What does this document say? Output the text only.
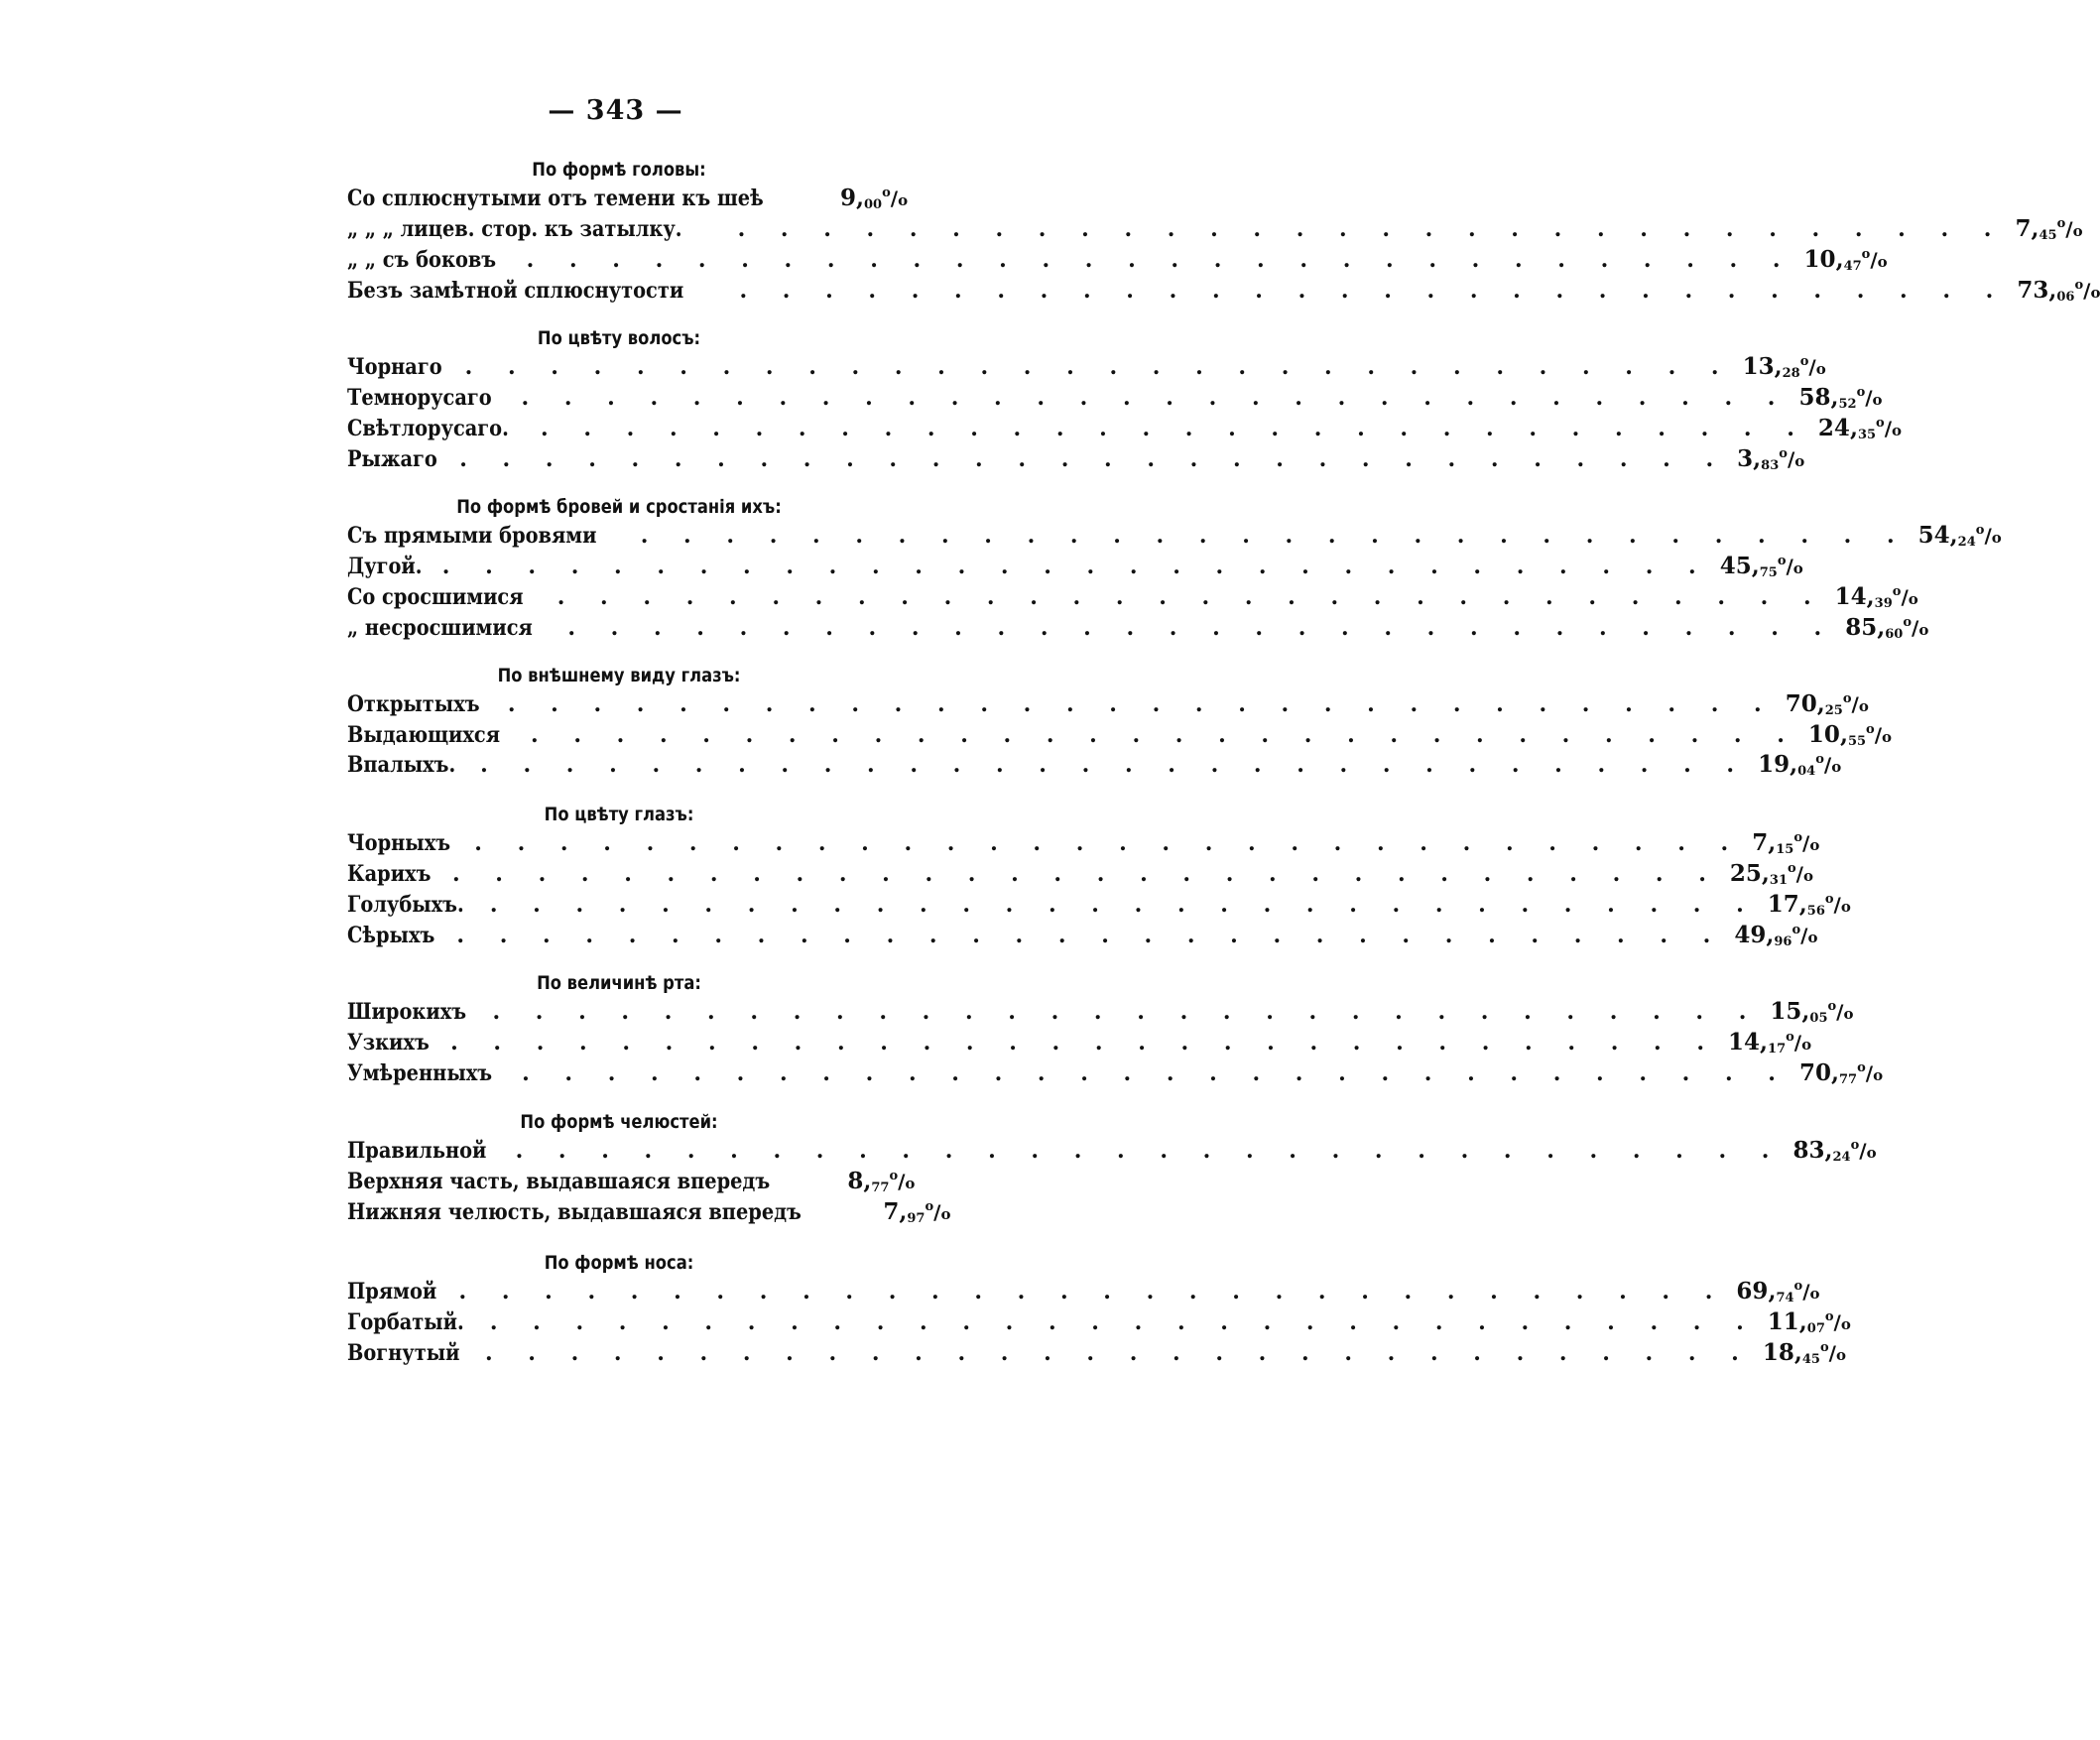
— 343 —
По формѣ головы:
Со сплюснутыми отъ темени къ шеѣ	$9,_{00}^o/o$
„ „ „ лицев. стор. къ затылку.	. . . . . . . . . . . . . . . . . . . . . . . . . . . . . . $7,_{45}^o/o$
„ „ съ боковъ . . . . . . . . . . . . . . . . . . . . . . . . . . . . . . $10,_{47}^o/o$
Безъ замѣтной сплюснутости	. . . . . . . . . . . . . . . . . . . . . . . . . . . . . . $73,_{06}^o/o$
По цвѣту волосъ:
Чорнаго . . . . . . . . . . . . . . . . . . . . . . . . . . . . . . $13,_{28}^o/o$
Темнорусаго . . . . . . . . . . . . . . . . . . . . . . . . . . . . . . $58,_{52}^o/o$
Свѣтлорусаго. . . . . . . . . . . . . . . . . . . . . . . . . . . . . . . $24,_{35}^o/o$
Рыжаго . . . . . . . . . . . . . . . . . . . . . . . . . . . . . . $3,_{83}^o/o$
По формѣ бровей и сростанія ихъ:
Съ прямыми бровями . . . . . . . . . . . . . . . . . . . . . . . . . . . . . . $54,_{24}^o/o$
Дугой. . . . . . . . . . . . . . . . . . . . . . . . . . . . . . . $45,_{75}^o/o$
Со сросшимися . . . . . . . . . . . . . . . . . . . . . . . . . . . . . . $14,_{39}^o/o$
„ несросшимися . . . . . . . . . . . . . . . . . . . . . . . . . . . . . . $85,_{60}^o/o$
По внѣшнему виду глазъ:
Открытыхъ . . . . . . . . . . . . . . . . . . . . . . . . . . . . . . $70,_{25}^o/o$
Выдающихся . . . . . . . . . . . . . . . . . . . . . . . . . . . . . . $10,_{55}^o/o$
Впалыхъ. . . . . . . . . . . . . . . . . . . . . . . . . . . . . . . $19,_{04}^o/o$
По цвѣту глазъ:
Чорныхъ . . . . . . . . . . . . . . . . . . . . . . . . . . . . . . $7,_{15}^o/o$
Карихъ . . . . . . . . . . . . . . . . . . . . . . . . . . . . . . $25,_{31}^o/o$
Голубыхъ. . . . . . . . . . . . . . . . . . . . . . . . . . . . . . . $17,_{56}^o/o$
Сѣрыхъ . . . . . . . . . . . . . . . . . . . . . . . . . . . . . . $49,_{96}^o/o$
По величинѣ рта:
Широкихъ . . . . . . . . . . . . . . . . . . . . . . . . . . . . . . $15,_{05}^o/o$
Узкихъ . . . . . . . . . . . . . . . . . . . . . . . . . . . . . . $14,_{17}^o/o$
Умѣренныхъ . . . . . . . . . . . . . . . . . . . . . . . . . . . . . . $70,_{77}^o/o$
По формѣ челюстей:
Правильной . . . . . . . . . . . . . . . . . . . . . . . . . . . . . . $83,_{24}^o/o$
Верхняя часть, выдавшаяся впередъ	$8,_{77}^o/o$
Нижняя челюсть, выдавшаяся впередъ	$7,_{97}^o/o$
По формѣ носа:
Прямой . . . . . . . . . . . . . . . . . . . . . . . . . . . . . . $69,_{74}^o/o$
Горбатый. . . . . . . . . . . . . . . . . . . . . . . . . . . . . . . $11,_{07}^o/o$
Вогнутый . . . . . . . . . . . . . . . . . . . . . . . . . . . . . . $18,_{45}^o/o$
